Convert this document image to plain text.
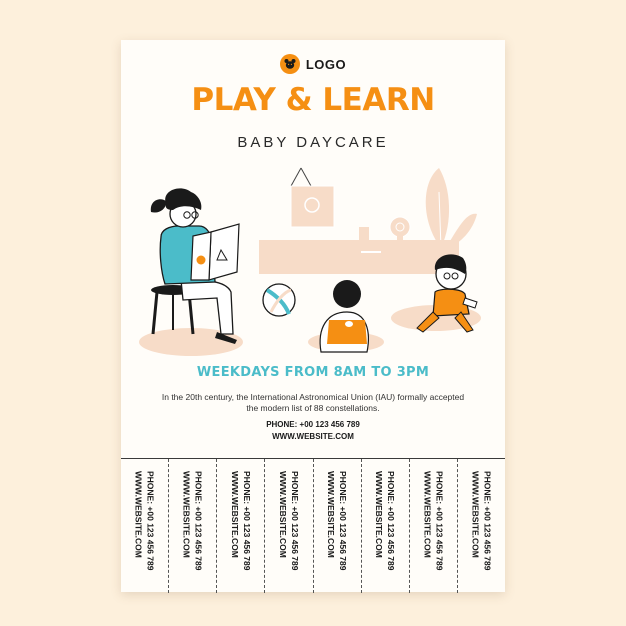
LOGO
PLAY & LEARN
BABY DAYCARE
WEEKDAYS FROM 8AM TO 3PM
In the 20th century, the International Astronomical Union (IAU) formally accepted the modern list of 88 constellations.
PHONE: +00 123 456 789
WWW.WEBSITE.COM
PHONE: +00 123 456 789
WWW.WEBSITE.COM	PHONE: +00 123 456 789
WWW.WEBSITE.COM	PHONE: +00 123 456 789
WWW.WEBSITE.COM	PHONE: +00 123 456 789
WWW.WEBSITE.COM	PHONE: +00 123 456 789
WWW.WEBSITE.COM	PHONE: +00 123 456 789
WWW.WEBSITE.COM	PHONE: +00 123 456 789
WWW.WEBSITE.COM	PHONE: +00 123 456 789
WWW.WEBSITE.COM
